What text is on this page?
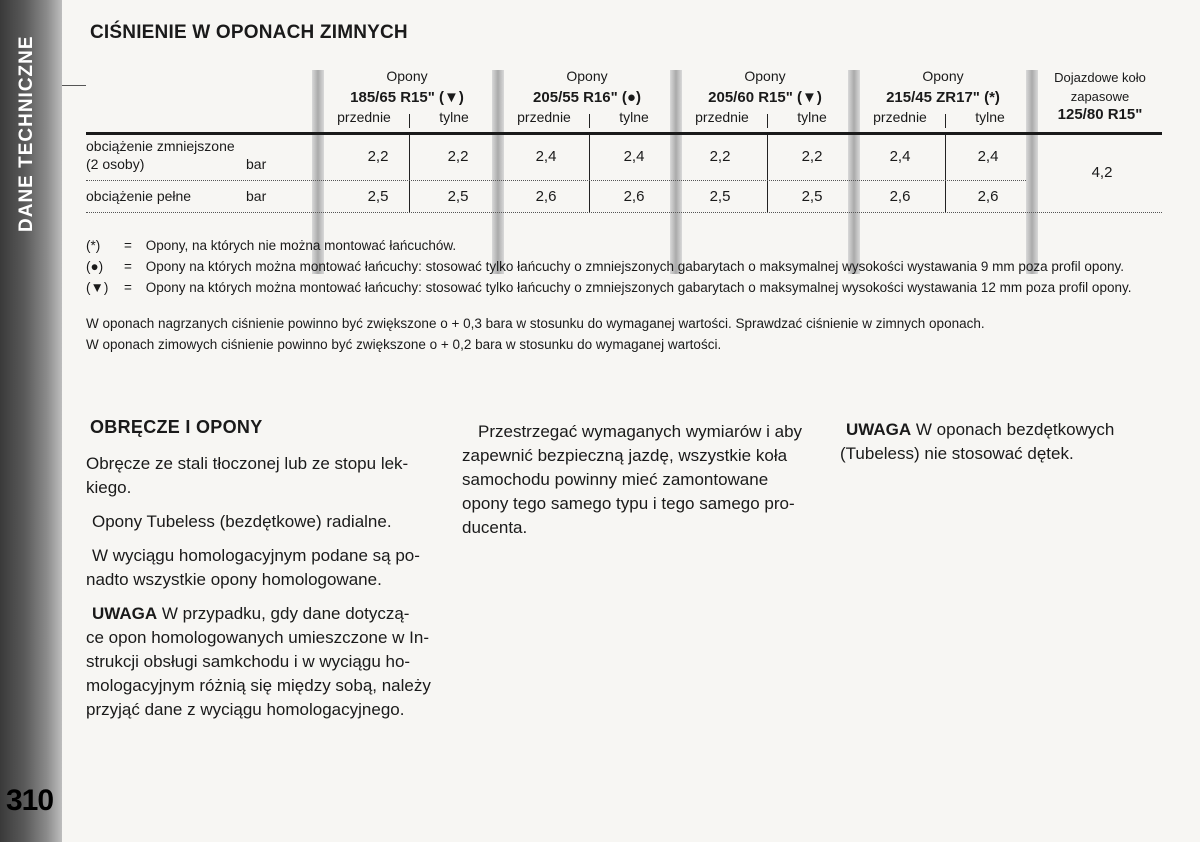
DANE TECHNICZNE
310
CIŚNIENIE W OPONACH ZIMNYCH
Opony
185/65 R15" (▼)
przednie	tylne
Opony
205/55 R16" (●)
przednie	tylne
Opony
205/60 R15" (▼)
przednie	tylne
Opony
215/45 ZR17" (*)
przednie	tylne
Dojazdowe koło
zapasowe
125/80 R15"
obciążenie zmniejszone
(2 osoby)	bar	2,2	2,2	2,4	2,4	2,2	2,2	2,4	2,4
obciążenie pełne	bar	2,5	2,5	2,6	2,6	2,5	2,5	2,6	2,6
4,2
(*) = Opony, na których nie można montować łańcuchów.
(●) = Opony na których można montować łańcuchy: stosować tylko łańcuchy o zmniejszonych gabarytach o maksymalnej wysokości wystawania 9 mm poza profil opony.
(▼) = Opony na których można montować łańcuchy: stosować tylko łańcuchy o zmniejszonych gabarytach o maksymalnej wysokości wystawania 12 mm poza profil opony.
W oponach nagrzanych ciśnienie powinno być zwiększone o + 0,3 bara w stosunku do wymaganej wartości. Sprawdzać ciśnienie w zimnych oponach.
W oponach zimowych ciśnienie powinno być zwiększone o + 0,2 bara w stosunku do wymaganej wartości.
OBRĘCZE I OPONY
Obręcze ze stali tłoczonej lub ze stopu lek-
kiego.
Opony Tubeless (bezdętkowe) radialne.
W wyciągu homologacyjnym podane są po-
nadto wszystkie opony homologowane.
UWAGA W przypadku, gdy dane dotyczą-
ce opon homologowanych umieszczone w In-
strukcji obsługi samkchodu i w wyciągu ho-
mologacyjnym różnią się między sobą, należy
przyjąć dane z wyciągu homologacyjnego.
Przestrzegać wymaganych wymiarów i aby
zapewnić bezpieczną jazdę, wszystkie koła
samochodu powinny mieć zamontowane
opony tego samego typu i tego samego pro-
ducenta.
UWAGA W oponach bezdętkowych
(Tubeless) nie stosować dętek.
